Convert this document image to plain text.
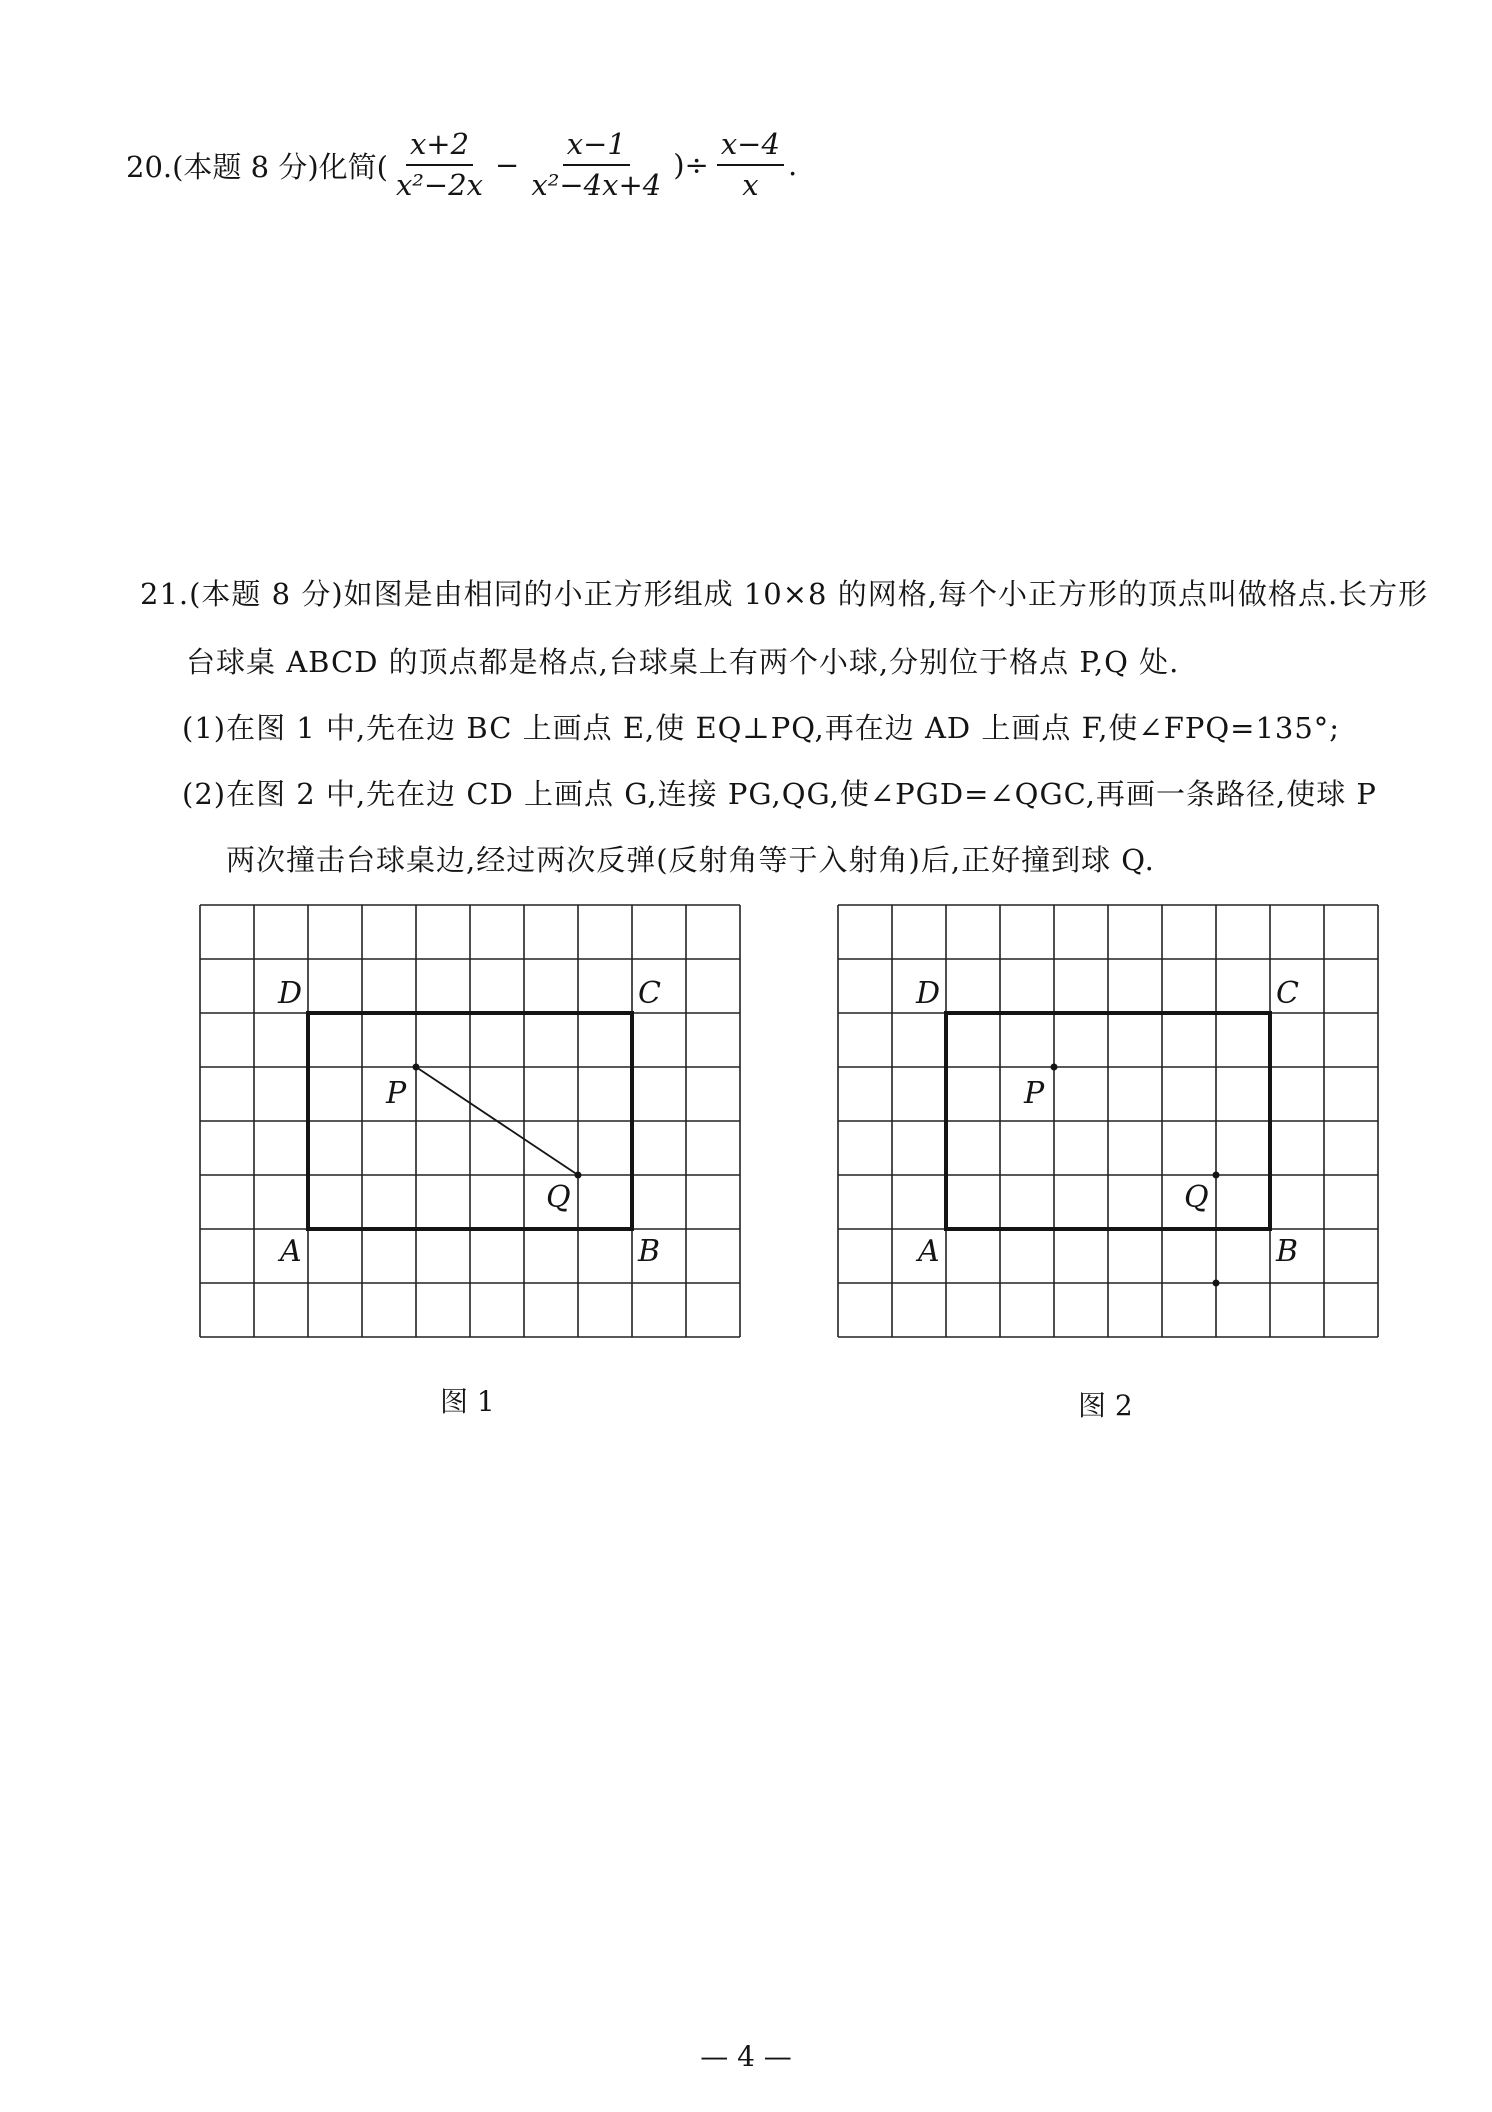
20.(本题 8 分)化简( $\frac{x+2}{\text{x²−2x}} - \frac{x-1}{\text{x²−4x+4}}$ )÷ $\frac{x-4}{x}$ .
21.(本题 8 分)如图是由相同的小正方形组成 10×8 的网格,每个小正方形的顶点叫做格点.长方形
台球桌 ABCD 的顶点都是格点,台球桌上有两个小球,分别位于格点 P,Q 处.
(1)在图 1 中,先在边 BC 上画点 E,使 EQ⊥PQ,再在边 AD 上画点 F,使∠FPQ=135°;
(2)在图 2 中,先在边 CD 上画点 G,连接 PG,QG,使∠PGD=∠QGC,再画一条路径,使球 P
两次撞击台球桌边,经过两次反弹(反射角等于入射角)后,正好撞到球 Q.
D	C
A	B
P
Q
图 1
D	C
A	B
P
Q
图 2
— 4 —
